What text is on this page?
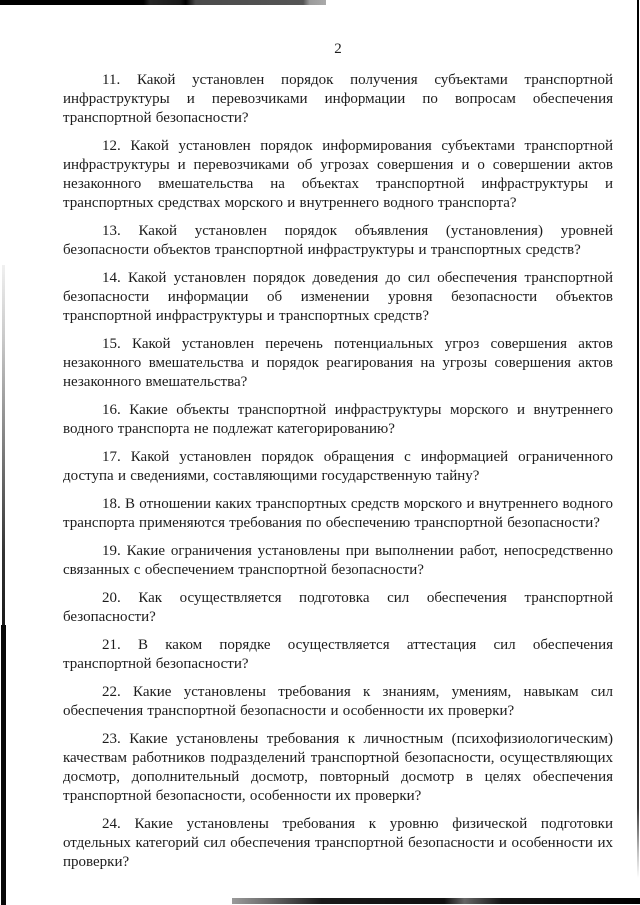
2

11. Какой установлен порядок получения субъектами транспортной инфраструктуры и перевозчиками информации по вопросам обеспечения транспортной безопасности?

12. Какой установлен порядок информирования субъектами транспортной инфраструктуры и перевозчиками об угрозах совершения и о совершении актов незаконного вмешательства на объектах транспортной инфраструктуры и транспортных средствах морского и внутреннего водного транспорта?

13. Какой установлен порядок объявления (установления) уровней безопасности объектов транспортной инфраструктуры и транспортных средств?

14. Какой установлен порядок доведения до сил обеспечения транспортной безопасности информации об изменении уровня безопасности объектов транспортной инфраструктуры и транспортных средств?

15. Какой установлен перечень потенциальных угроз совершения актов незаконного вмешательства и порядок реагирования на угрозы совершения актов незаконного вмешательства?

16. Какие объекты транспортной инфраструктуры морского и внутреннего водного транспорта не подлежат категорированию?

17. Какой установлен порядок обращения с информацией ограниченного доступа и сведениями, составляющими государственную тайну?

18. В отношении каких транспортных средств морского и внутреннего водного транспорта применяются требования по обеспечению транспортной безопасности?

19. Какие ограничения установлены при выполнении работ, непосредственно связанных с обеспечением транспортной безопасности?

20. Как осуществляется подготовка сил обеспечения транспортной безопасности?

21. В каком порядке осуществляется аттестация сил обеспечения транспортной безопасности?

22. Какие установлены требования к знаниям, умениям, навыкам сил обеспечения транспортной безопасности и особенности их проверки?

23. Какие установлены требования к личностным (психофизиологическим) качествам работников подразделений транспортной безопасности, осуществляющих досмотр, дополнительный досмотр, повторный досмотр в целях обеспечения транспортной безопасности, особенности их проверки?

24. Какие установлены требования к уровню физической подготовки отдельных категорий сил обеспечения транспортной безопасности и особенности их проверки?
